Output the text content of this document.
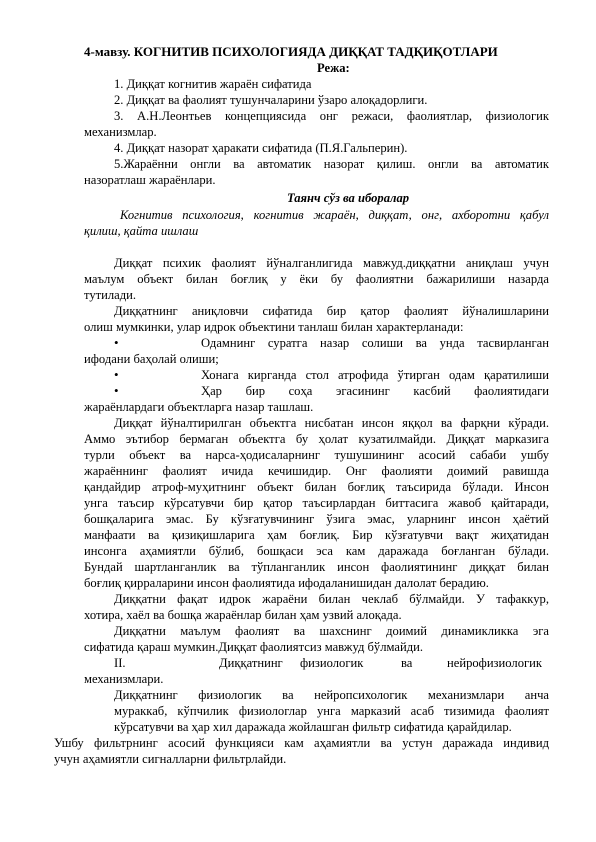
4-мавзу. КОГНИТИВ ПСИХОЛОГИЯДА ДИҚҚАТ ТАДҚИҚОТЛАРИ
Режа:
1. Диққат когнитив жараён сифатида
2. Диққат ва фаолият тушунчаларини ўзаро алоқадорлиги.
3. А.Н.Леонтьев концепциясида онг режаси, фаолиятлар, физиологик
механизмлар.
4. Диққат назорат ҳаракати сифатида (П.Я.Гальперин).
5.Жараённи онгли ва автоматик назорат қилиш. онгли ва автоматик
назоратлаш жараёнлари.
Таянч сўз ва иборалар
Когнитив психология, когнитив жараён, диққат, онг, ахборотни қабул
қилиш, қайта ишлаш
Диққат психик фаолият йўналганлигида мавжуд.диққатни аниқлаш учун
маълум объект билан боғлиқ у ёки бу фаолиятни бажарилиши назарда
тутилади.
Диққатнинг аниқловчи сифатида бир қатор фаолият йўналишларини
олиш мумкинки, улар идрок объектини танлаш билан характерланади:
•	Одамнинг суратга назар солиши ва унда тасвирланган
ифодани баҳолай олиши;
•	Хонага кирганда стол атрофида ўтирган одам қаратилиши
•	Ҳар бир соҳа эгасининг касбий фаолиятидаги
жараёнлардаги объектларга назар ташлаш.
Диққат йўналтирилган объектга нисбатан инсон яққол ва фарқни кўради.
Аммо эътибор бермаган объектга бу ҳолат кузатилмайди. Диққат марказига
турли объект ва нарса-ҳодисаларнинг тушушининг асосий сабаби ушбу
жараённинг фаолият ичида кечишидир. Онг фаолияти доимий равишда
қандайдир атроф-муҳитнинг объект билан боғлиқ таъсирида бўлади. Инсон
унга таъсир кўрсатувчи бир қатор таъсирлардан биттасига жавоб қайтаради,
бошқаларига эмас. Бу кўзғатувчининг ўзига эмас, уларнинг инсон ҳаётий
манфаати ва қизиқишларига ҳам боғлиқ. Бир кўзғатувчи вақт жиҳатидан
инсонга аҳамиятли бўлиб, бошқаси эса кам даражада боғланган бўлади.
Бундай шартланганлик ва тўпланганлик инсон фаолиятининг диққат билан
боғлиқ қирраларини инсон фаолиятида ифодаланишидан далолат берадию.
Диққатни фақат идрок жараёни билан чеклаб бўлмайди. У тафаккур,
хотира, хаёл ва бошқа жараёнлар билан ҳам узвий алоқада.
Диққатни маълум фаолият ва шахснинг доимий динамикликка эга
сифатида қараш мумкин.Диққат фаолиятсиз мавжуд бўлмайди.
II.	Диққатнинг физиологик	ва	нейрофизиологик
механизмлари.
Диққатнинг физиологик ва нейропсихологик механизмлари анча
мураккаб, кўпчилик физиологлар унга марказий асаб тизимида фаолият
кўрсатувчи ва ҳар хил даражада жойлашган фильтр сифатида қарайдилар.
Ушбу фильтрнинг асосий функцияси кам аҳамиятли ва устун даражада индивид
учун аҳамиятли сигналларни фильтрлайди.
